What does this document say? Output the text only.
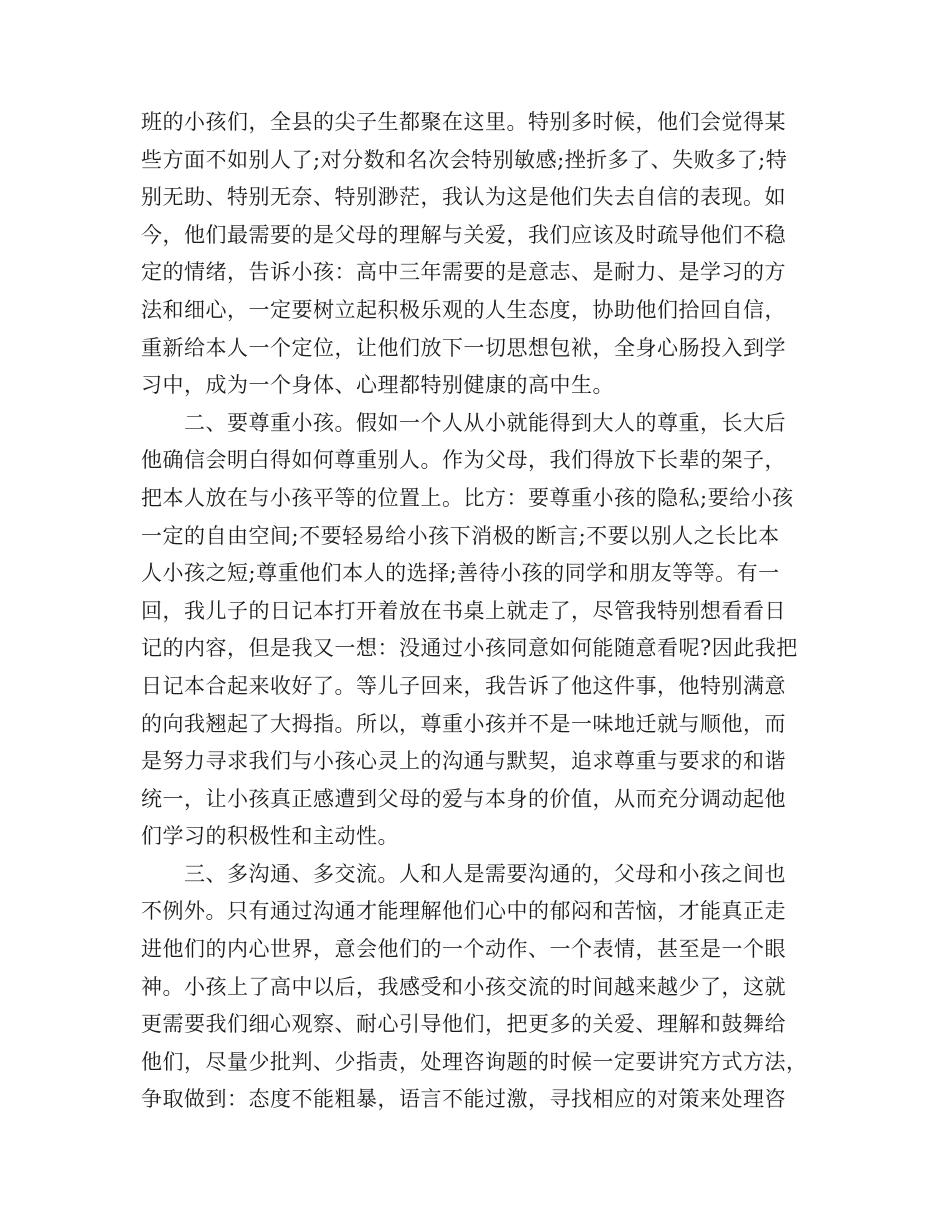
班的小孩们，全县的尖子生都聚在这里。特别多时候，他们会觉得某
些方面不如别人了;对分数和名次会特别敏感;挫折多了、失败多了;特
别无助、特别无奈、特别渺茫，我认为这是他们失去自信的表现。如
今，他们最需要的是父母的理解与关爱，我们应该及时疏导他们不稳
定的情绪，告诉小孩：高中三年需要的是意志、是耐力、是学习的方
法和细心，一定要树立起积极乐观的人生态度，协助他们拾回自信，
重新给本人一个定位，让他们放下一切思想包袱，全身心肠投入到学
习中，成为一个身体、心理都特别健康的高中生。
二、要尊重小孩。假如一个人从小就能得到大人的尊重，长大后
他确信会明白得如何尊重别人。作为父母，我们得放下长辈的架子，
把本人放在与小孩平等的位置上。比方：要尊重小孩的隐私;要给小孩
一定的自由空间;不要轻易给小孩下消极的断言;不要以别人之长比本
人小孩之短;尊重他们本人的选择;善待小孩的同学和朋友等等。有一
回，我儿子的日记本打开着放在书桌上就走了，尽管我特别想看看日
记的内容，但是我又一想：没通过小孩同意如何能随意看呢?因此我把
日记本合起来收好了。等儿子回来，我告诉了他这件事，他特别满意
的向我翘起了大拇指。所以，尊重小孩并不是一味地迁就与顺他，而
是努力寻求我们与小孩心灵上的沟通与默契，追求尊重与要求的和谐
统一，让小孩真正感遭到父母的爱与本身的价值，从而充分调动起他
们学习的积极性和主动性。
三、多沟通、多交流。人和人是需要沟通的，父母和小孩之间也
不例外。只有通过沟通才能理解他们心中的郁闷和苦恼，才能真正走
进他们的内心世界，意会他们的一个动作、一个表情，甚至是一个眼
神。小孩上了高中以后，我感受和小孩交流的时间越来越少了，这就
更需要我们细心观察、耐心引导他们，把更多的关爱、理解和鼓舞给
他们，尽量少批判、少指责，处理咨询题的时候一定要讲究方式方法，
争取做到：态度不能粗暴，语言不能过激，寻找相应的对策来处理咨
